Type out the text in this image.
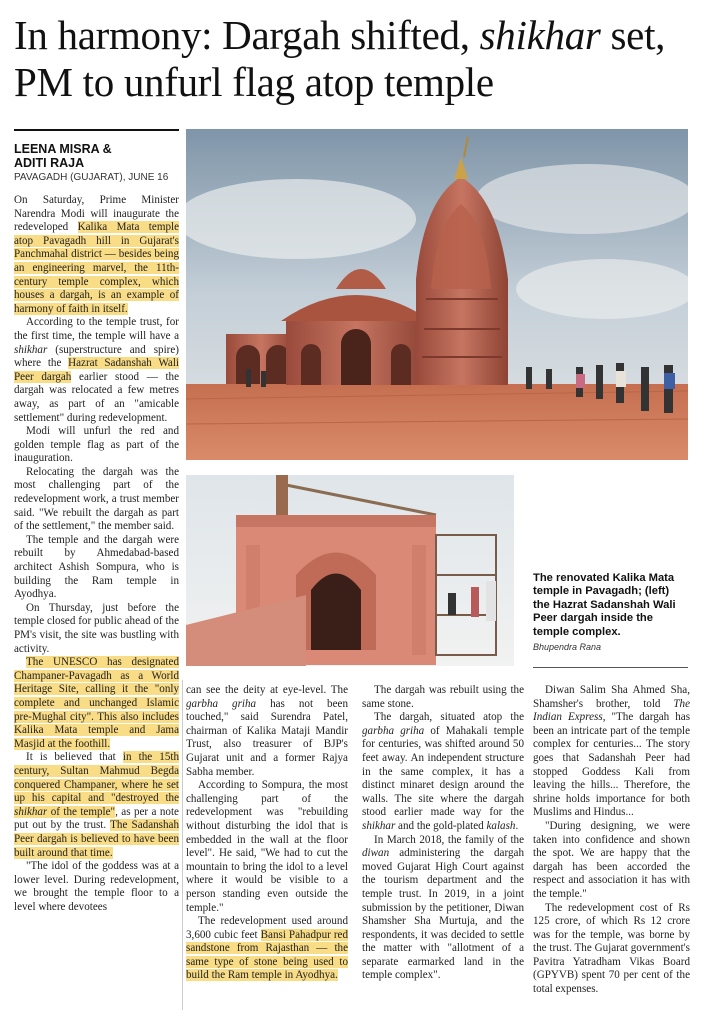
In harmony: Dargah shifted, shikhar set, PM to unfurl flag atop temple
LEENA MISRA &
ADITI RAJA
PAVAGADH (GUJARAT), JUNE 16
The renovated Kalika Mata temple in Pavagadh; (left) the Hazrat Sadanshah Wali Peer dargah inside the temple complex.
Bhupendra Rana

On Saturday, Prime Minister Narendra Modi will inaugurate the redeveloped Kalika Mata temple atop Pavagadh hill in Gujarat's Panchmahal district — besides being an engineering marvel, the 11th-century temple complex, which houses a dargah, is an example of harmony of faith in itself.

According to the temple trust, for the first time, the temple will have a shikhar (superstructure and spire) where the Hazrat Sadanshah Wali Peer dargah earlier stood — the dargah was relocated a few metres away, as part of an "amicable settlement" during redevelopment.

Modi will unfurl the red and golden temple flag as part of the inauguration.

Relocating the dargah was the most challenging part of the redevelopment work, a trust member said. "We rebuilt the dargah as part of the settlement," the member said.

The temple and the dargah were rebuilt by Ahmedabad-based architect Ashish Sompura, who is building the Ram temple in Ayodhya.

On Thursday, just before the temple closed for public ahead of the PM's visit, the site was bustling with activity.

The UNESCO has designated Champaner-Pavagadh as a World Heritage Site, calling it the "only complete and unchanged Islamic pre-Mughal city". This also includes Kalika Mata temple and Jama Masjid at the foothill.

It is believed that in the 15th century, Sultan Mahmud Begda conquered Champaner, where he set up his capital and "destroyed the shikhar of the temple", as per a note put out by the trust. The Sadanshah Peer dargah is believed to have been built around that time.

"The idol of the goddess was at a lower level. During redevelopment, we brought the temple floor to a level where devotees

can see the deity at eye-level. The garbha griha has not been touched," said Surendra Patel, chairman of Kalika Mataji Mandir Trust, also treasurer of BJP's Gujarat unit and a former Rajya Sabha member.

According to Sompura, the most challenging part of the redevelopment was "rebuilding without disturbing the idol that is embedded in the wall at the floor level". He said, "We had to cut the mountain to bring the idol to a level where it would be visible to a person standing even outside the temple."

The redevelopment used around 3,600 cubic feet Bansi Pahadpur red sandstone from Rajasthan — the same type of stone being used to build the Ram temple in Ayodhya.

The dargah was rebuilt using the same stone.

The dargah, situated atop the garbha griha of Mahakali temple for centuries, was shifted around 50 feet away. An independent structure in the same complex, it has a distinct minaret design around the walls. The site where the dargah stood earlier made way for the shikhar and the gold-plated kalash.

In March 2018, the family of the diwan administering the dargah moved Gujarat High Court against the tourism department and the temple trust. In 2019, in a joint submission by the petitioner, Diwan Shamsher Sha Murtuja, and the respondents, it was decided to settle the matter with "allotment of a separate earmarked land in the temple complex".

Diwan Salim Sha Ahmed Sha, Shamsher's brother, told The Indian Express, "The dargah has been an intricate part of the temple complex for centuries... The story goes that Sadanshah Peer had stopped Goddess Kali from leaving the hills... Therefore, the shrine holds importance for both Muslims and Hindus...

"During designing, we were taken into confidence and shown the spot. We are happy that the dargah has been accorded the respect and association it has with the temple."

The redevelopment cost of Rs 125 crore, of which Rs 12 crore was for the temple, was borne by the trust. The Gujarat government's Pavitra Yatradham Vikas Board (GPYVB) spent 70 per cent of the total expenses.
